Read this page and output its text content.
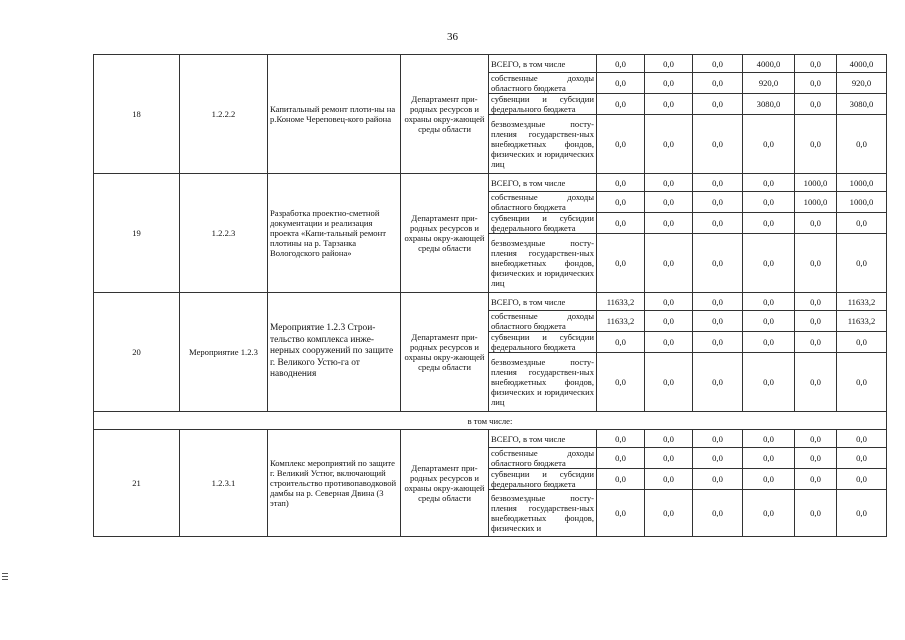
36
18	1.2.2.2	Капитальный ремонт плоти-ны на р.Кономе Череповец-кого района	Департамент при-родных ресурсов и охраны окру-жающей среды области	ВСЕГО, в том числе	0,0	0,0	0,0	4000,0	0,0	4000,0
				собственные доходы областного бюджета	0,0	0,0	0,0	920,0	0,0	920,0
				субвенции и субсидии федерального бюджета	0,0	0,0	0,0	3080,0	0,0	3080,0
				безвозмездные посту-пления государствен-ных внебюджетных фондов, физических и юридических лиц	0,0	0,0	0,0	0,0	0,0	0,0
19	1.2.2.3	Разработка проектно-сметной документации и реализация проекта «Капи-тальный ремонт плотины на р. Тарзанка Вологодского района»	Департамент при-родных ресурсов и охраны окру-жающей среды области	ВСЕГО, в том числе	0,0	0,0	0,0	0,0	1000,0	1000,0
				собственные доходы областного бюджета	0,0	0,0	0,0	0,0	1000,0	1000,0
				субвенции и субсидии федерального бюджета	0,0	0,0	0,0	0,0	0,0	0,0
				безвозмездные посту-пления государствен-ных внебюджетных фондов, физических и юридических лиц	0,0	0,0	0,0	0,0	0,0	0,0
20	Мероприятие 1.2.3	Мероприятие 1.2.3 Строи-тельство комплекса инже-нерных сооружений по защите г. Великого Устю-га от наводнения	Департамент при-родных ресурсов и охраны окру-жающей среды области	ВСЕГО, в том числе	11633,2	0,0	0,0	0,0	0,0	11633,2
				собственные доходы областного бюджета	11633,2	0,0	0,0	0,0	0,0	11633,2
				субвенции и субсидии федерального бюджета	0,0	0,0	0,0	0,0	0,0	0,0
				безвозмездные посту-пления государствен-ных внебюджетных фондов, физических и юридических лиц	0,0	0,0	0,0	0,0	0,0	0,0
в том числе:										
21	1.2.3.1	Комплекс мероприятий по защите г. Великий Устюг, включающий строительство противопаводковой дамбы на р. Северная Двина (3 этап)	Департамент при-родных ресурсов и охраны окру-жающей среды области	ВСЕГО, в том числе	0,0	0,0	0,0	0,0	0,0	0,0
				собственные доходы областного бюджета	0,0	0,0	0,0	0,0	0,0	0,0
				субвенции и субсидии федерального бюджета	0,0	0,0	0,0	0,0	0,0	0,0
				безвозмездные посту-пления государствен-ных внебюджетных фондов, физических и	0,0	0,0	0,0	0,0	0,0	0,0
